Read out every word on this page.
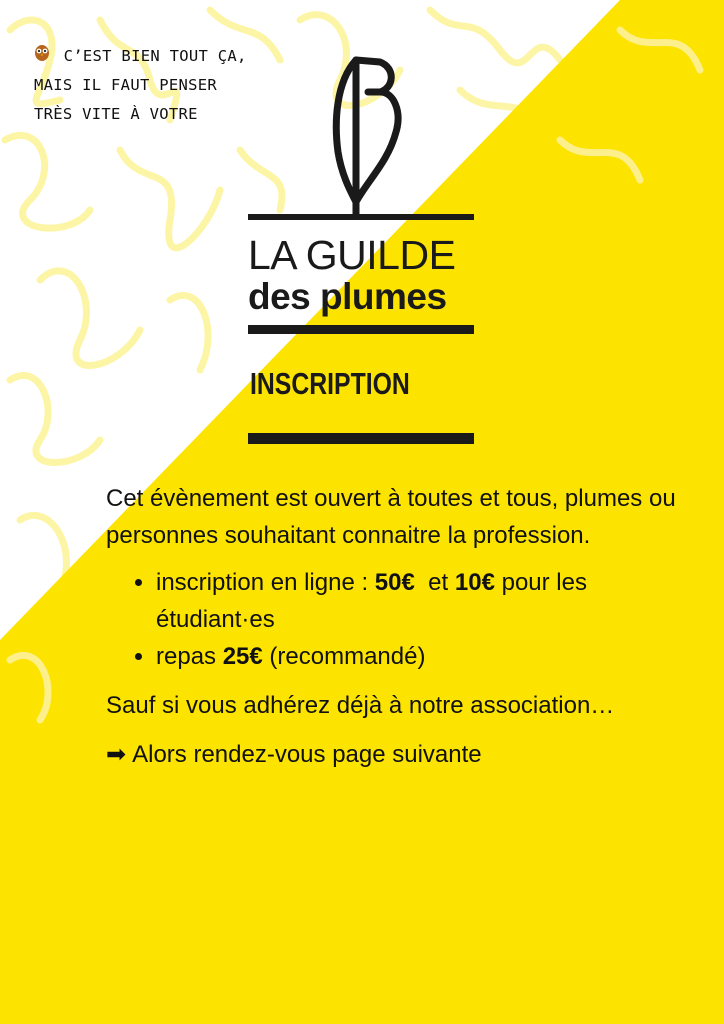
C’EST BIEN TOUT ÇA,
MAIS IL FAUT PENSER
TRÈS VITE À VOTRE
LA GUILDE
des plumes
INSCRIPTION

Cet évènement est ouvert à toutes et tous, plumes ou personnes souhaitant connaitre la profession.

• inscription en ligne : 50€  et 10€ pour les étudiant·es
• repas 25€ (recommandé)

Sauf si vous adhérez déjà à notre association…

➡ Alors rendez-vous page suivante
